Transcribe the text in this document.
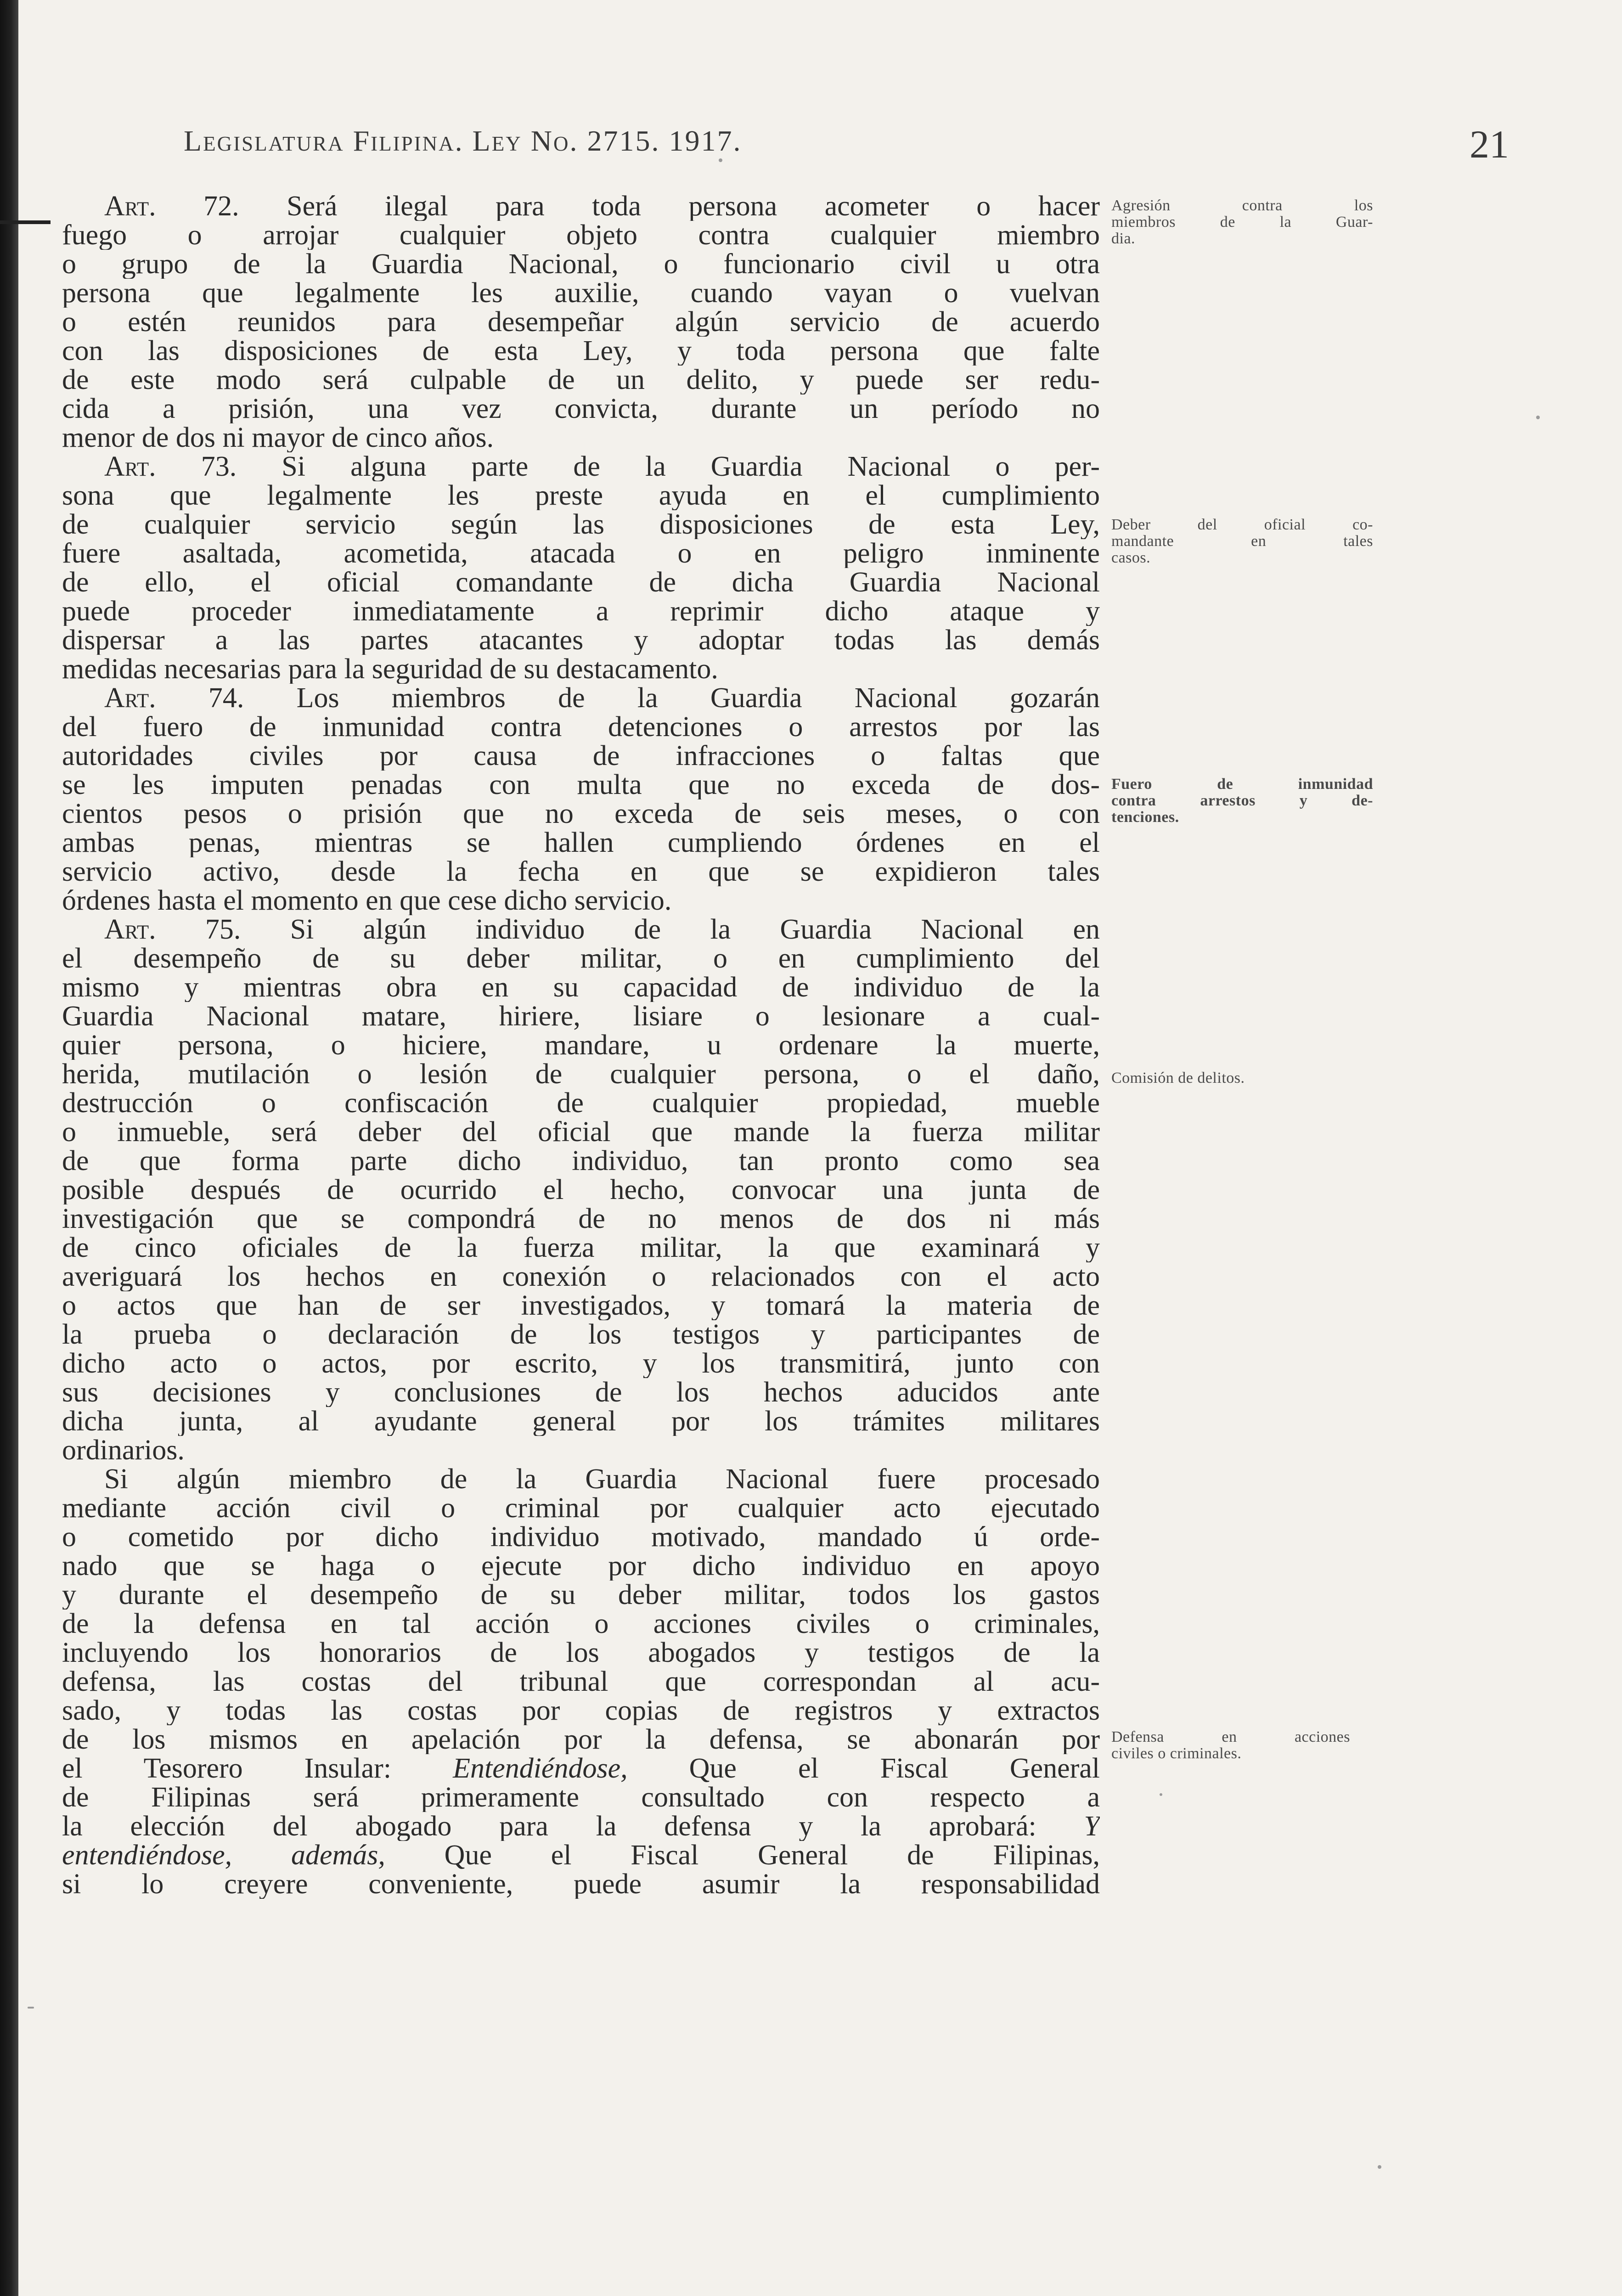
Legislatura Filipina. Ley No. 2715. 1917.	21
Agresión contra los
miembros de la Guar-
dia.
Deber del oficial co-
mandante en tales
casos.
Fuero de inmunidad
contra arrestos y de-
tenciones.
Comisión de delitos.
Defensa en acciones
civiles o criminales.
Art. 72. Será ilegal para toda persona acometer o hacer
fuego o arrojar cualquier objeto contra cualquier miembro
o grupo de la Guardia Nacional, o funcionario civil u otra
persona que legalmente les auxilie, cuando vayan o vuelvan
o estén reunidos para desempeñar algún servicio de acuerdo
con las disposiciones de esta Ley, y toda persona que falte
de este modo será culpable de un delito, y puede ser redu-
cida a prisión, una vez convicta, durante un período no
menor de dos ni mayor de cinco años.
Art. 73. Si alguna parte de la Guardia Nacional o per-
sona que legalmente les preste ayuda en el cumplimiento
de cualquier servicio según las disposiciones de esta Ley,
fuere asaltada, acometida, atacada o en peligro inminente
de ello, el oficial comandante de dicha Guardia Nacional
puede proceder inmediatamente a reprimir dicho ataque y
dispersar a las partes atacantes y adoptar todas las demás
medidas necesarias para la seguridad de su destacamento.
Art. 74. Los miembros de la Guardia Nacional gozarán
del fuero de inmunidad contra detenciones o arrestos por las
autoridades civiles por causa de infracciones o faltas que
se les imputen penadas con multa que no exceda de dos-
cientos pesos o prisión que no exceda de seis meses, o con
ambas penas, mientras se hallen cumpliendo órdenes en el
servicio activo, desde la fecha en que se expidieron tales
órdenes hasta el momento en que cese dicho servicio.
Art. 75. Si algún individuo de la Guardia Nacional en
el desempeño de su deber militar, o en cumplimiento del
mismo y mientras obra en su capacidad de individuo de la
Guardia Nacional matare, hiriere, lisiare o lesionare a cual-
quier persona, o hiciere, mandare, u ordenare la muerte,
herida, mutilación o lesión de cualquier persona, o el daño,
destrucción o confiscación de cualquier propiedad, mueble
o inmueble, será deber del oficial que mande la fuerza militar
de que forma parte dicho individuo, tan pronto como sea
posible después de ocurrido el hecho, convocar una junta de
investigación que se compondrá de no menos de dos ni más
de cinco oficiales de la fuerza militar, la que examinará y
averiguará los hechos en conexión o relacionados con el acto
o actos que han de ser investigados, y tomará la materia de
la prueba o declaración de los testigos y participantes de
dicho acto o actos, por escrito, y los transmitirá, junto con
sus decisiones y conclusiones de los hechos aducidos ante
dicha junta, al ayudante general por los trámites militares
ordinarios.
Si algún miembro de la Guardia Nacional fuere procesado
mediante acción civil o criminal por cualquier acto ejecutado
o cometido por dicho individuo motivado, mandado ú orde-
nado que se haga o ejecute por dicho individuo en apoyo
y durante el desempeño de su deber militar, todos los gastos
de la defensa en tal acción o acciones civiles o criminales,
incluyendo los honorarios de los abogados y testigos de la
defensa, las costas del tribunal que correspondan al acu-
sado, y todas las costas por copias de registros y extractos
de los mismos en apelación por la defensa, se abonarán por
el Tesorero Insular: Entendiéndose, Que el Fiscal General
de Filipinas será primeramente consultado con respecto a
la elección del abogado para la defensa y la aprobará: Y
entendiéndose, además, Que el Fiscal General de Filipinas,
si lo creyere conveniente, puede asumir la responsabilidad
